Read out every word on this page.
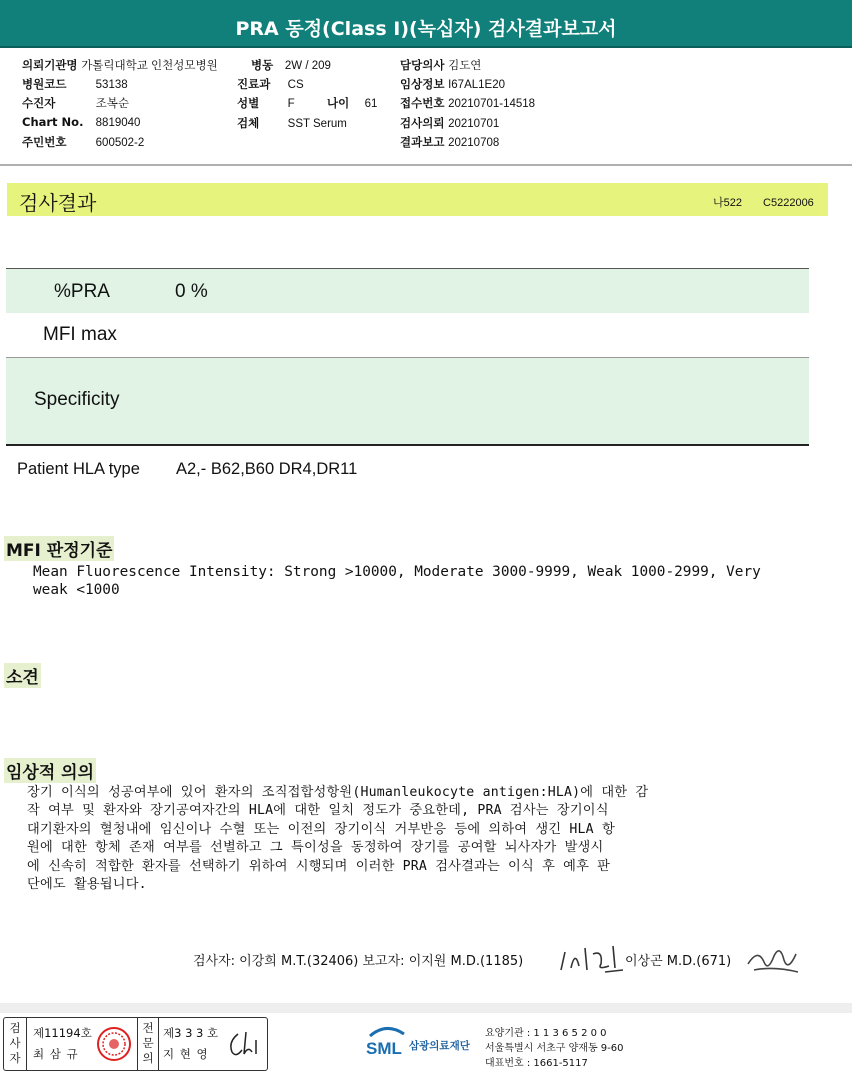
PRA 동정(Class I)(녹십자) 검사결과보고서
의뢰기관명 가톨릭대학교 인천성모병원	병동 2W / 209	담당의사 김도연
병원코드	53138	진료과 CS	임상정보 I67AL1E20
수진자	조복순	성별 F	나이 61 접수번호 20210701-14518
Chart No. 8819040	검체 SST Serum	검사의뢰 20210701
주민번호	600502-2	결과보고 20210708
검사결과	나522 C5222006
%PRA	0 %
MFI max
Specificity
Patient HLA type A2,- B62,B60 DR4,DR11
MFI 판정기준
Mean Fluorescence Intensity: Strong >10000, Moderate 3000-9999, Weak 1000-2999, Very
weak <1000
소견
임상적 의의
장기 이식의 성공여부에 있어 환자의 조직접합성항원(Humanleukocyte antigen:HLA)에 대한 감
작 여부 및 환자와 장기공여자간의 HLA에 대한 일치 정도가 중요한데, PRA 검사는 장기이식
대기환자의 혈청내에 임신이나 수혈 또는 이전의 장기이식 거부반응 등에 의하여 생긴 HLA 항
원에 대한 항체 존재 여부를 선별하고 그 특이성을 동정하여 장기를 공여할 뇌사자가 발생시
에 신속히 적합한 환자를 선택하기 위하여 시행되며 이러한 PRA 검사결과는 이식 후 예후 판
단에도 활용됩니다.
검사자: 이강희 M.T.(32406) 보고자: 이지원 M.D.(1185)	이상곤 M.D.(671)
검사자
제11194호
최 삼 규
전문의
제3 3 3 호
지 현 영	SML 삼광의료재단
요양기관 : 1 1 3 6 5 2 0 0
서울특별시 서초구 양재동 9-60
대표번호 : 1661-5117
